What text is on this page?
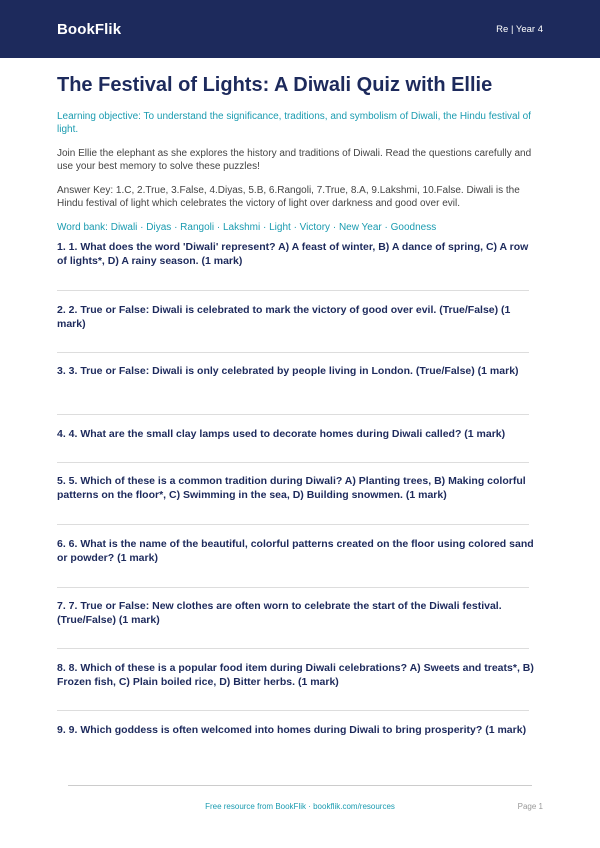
BookFlik	Re | Year 4
The Festival of Lights: A Diwali Quiz with Ellie
Learning objective: To understand the significance, traditions, and symbolism of Diwali, the Hindu festival of light.
Join Ellie the elephant as she explores the history and traditions of Diwali. Read the questions carefully and use your best memory to solve these puzzles!
Answer Key: 1.C, 2.True, 3.False, 4.Diyas, 5.B, 6.Rangoli, 7.True, 8.A, 9.Lakshmi, 10.False. Diwali is the Hindu festival of light which celebrates the victory of light over darkness and good over evil.
Word bank: Diwali · Diyas · Rangoli · Lakshmi · Light · Victory · New Year · Goodness

1. 1. What does the word 'Diwali' represent? A) A feast of winter, B) A dance of spring, C) A row of lights*, D) A rainy season. (1 mark)

2. 2. True or False: Diwali is celebrated to mark the victory of good over evil. (True/False) (1 mark)

3. 3. True or False: Diwali is only celebrated by people living in London. (True/False) (1 mark)

4. 4. What are the small clay lamps used to decorate homes during Diwali called? (1 mark)

5. 5. Which of these is a common tradition during Diwali? A) Planting trees, B) Making colorful patterns on the floor*, C) Swimming in the sea, D) Building snowmen. (1 mark)

6. 6. What is the name of the beautiful, colorful patterns created on the floor using colored sand or powder? (1 mark)

7. 7. True or False: New clothes are often worn to celebrate the start of the Diwali festival. (True/False) (1 mark)

8. 8. Which of these is a popular food item during Diwali celebrations? A) Sweets and treats*, B) Frozen fish, C) Plain boiled rice, D) Bitter herbs. (1 mark)

9. 9. Which goddess is often welcomed into homes during Diwali to bring prosperity? (1 mark)

Free resource from BookFlik · bookflik.com/resources	Page 1
